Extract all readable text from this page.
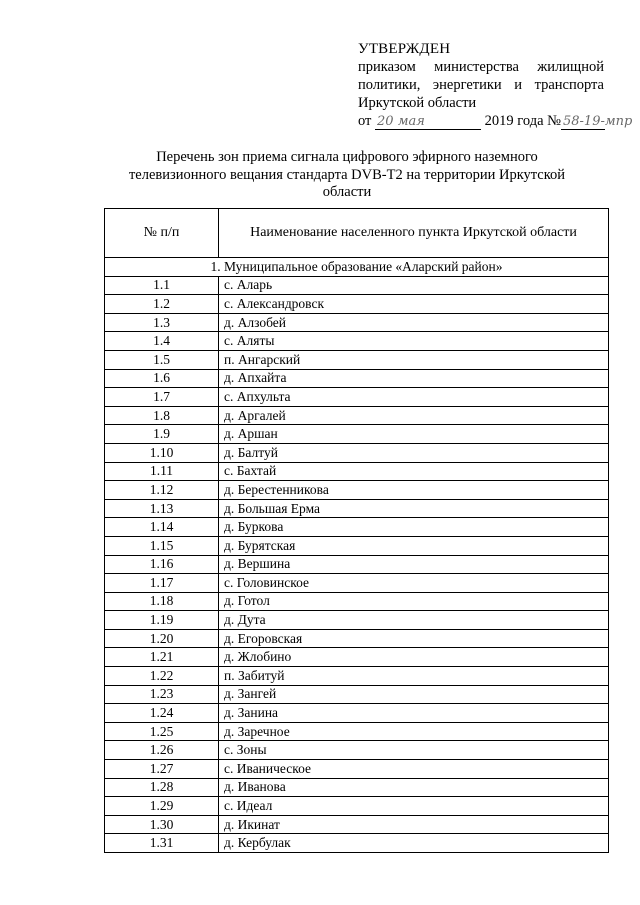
УТВЕРЖДЕН
приказом министерства жилищной
политики, энергетики и транспорта
Иркутской области
от 20 мая	2019 года № 58-19-мпр
Перечень зон приема сигнала цифрового эфирного наземного телевизионного вещания стандарта DVB-T2 на территории Иркутской области
№ п/п	Наименование населенного пункта Иркутской области
1. Муниципальное образование «Аларский район»	
1.1	с. Аларь
1.2	с. Александровск
1.3	д. Алзобей
1.4	с. Аляты
1.5	п. Ангарский
1.6	д. Апхайта
1.7	с. Апхульта
1.8	д. Аргалей
1.9	д. Аршан
1.10	д. Балтуй
1.11	с. Бахтай
1.12	д. Берестенникова
1.13	д. Большая Ерма
1.14	д. Буркова
1.15	д. Бурятская
1.16	д. Вершина
1.17	с. Головинское
1.18	д. Готол
1.19	д. Дута
1.20	д. Егоровская
1.21	д. Жлобино
1.22	п. Забитуй
1.23	д. Зангей
1.24	д. Занина
1.25	д. Заречное
1.26	с. Зоны
1.27	с. Иваническое
1.28	д. Иванова
1.29	с. Идеал
1.30	д. Икинат
1.31	д. Кербулак
